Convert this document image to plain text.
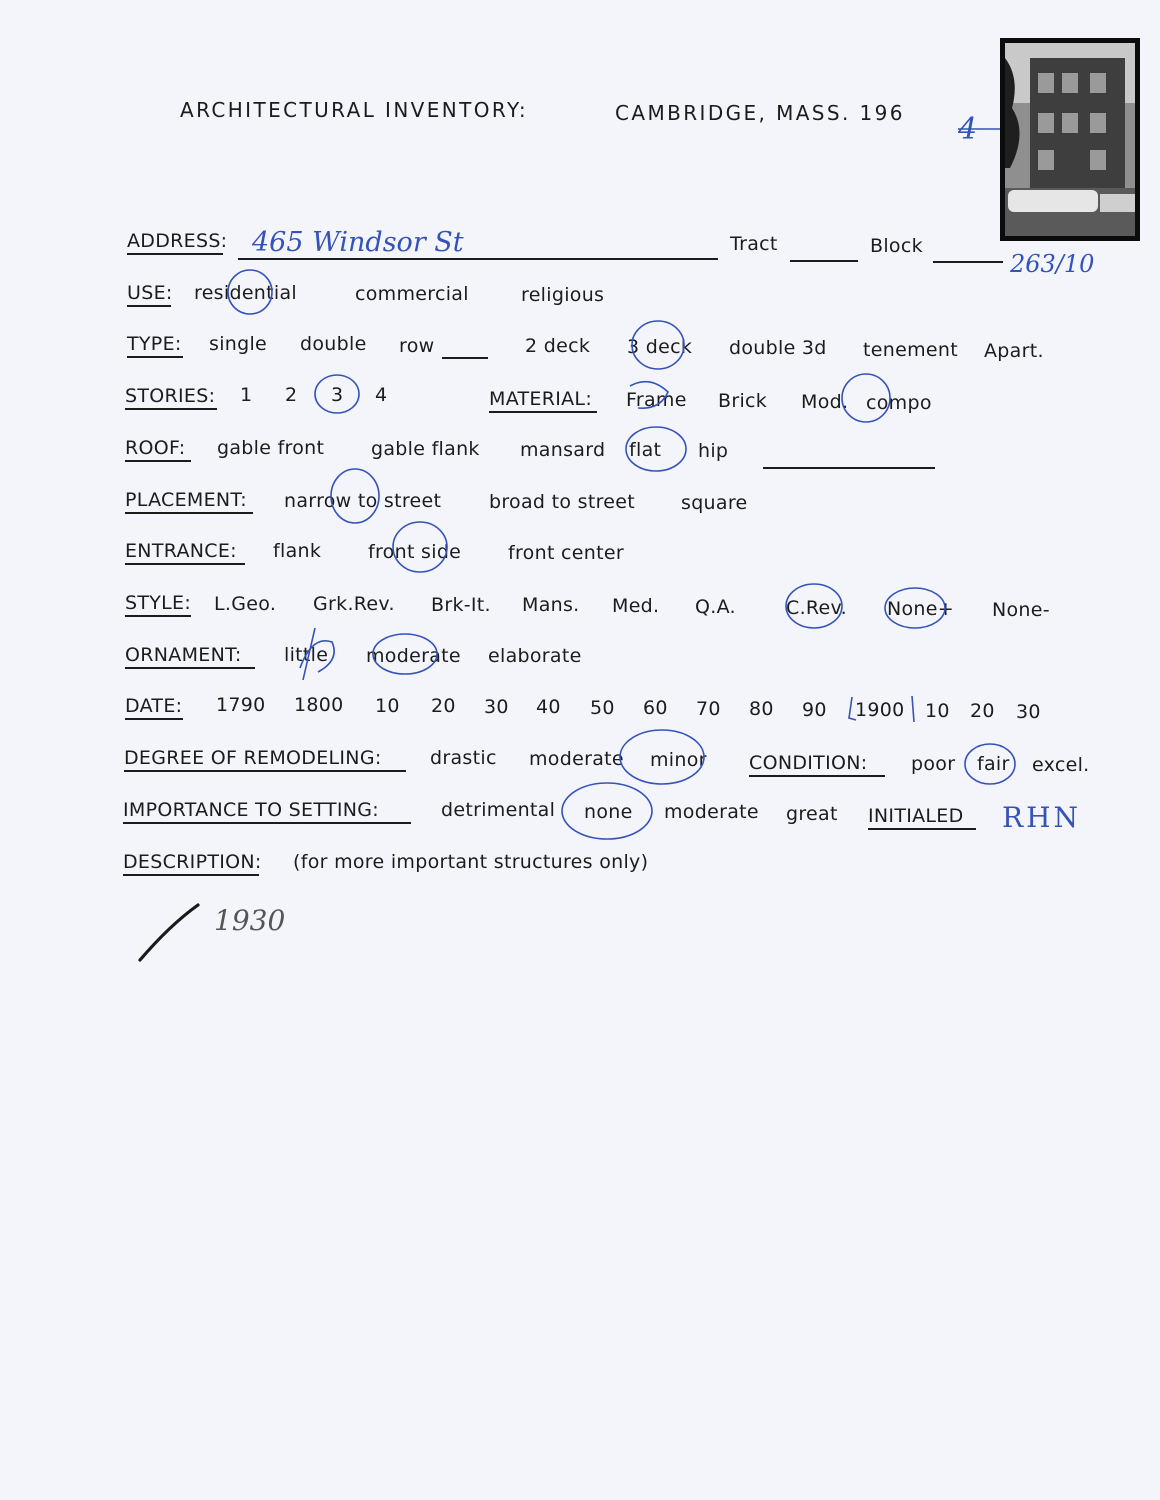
ARCHITECTURAL INVENTORY:	CAMBRIDGE, MASS. 196 4
ADDRESS: 465 Windsor St	Tract	Block
263/10
USE: residential	commercial	religious
TYPE: single double row	2 deck 3 deck double 3d tenement Apart.
STORIES: 1 2 3 4	MATERIAL: Frame Brick Mod. compo
ROOF: gable front gable flank mansard flat hip
PLACEMENT: narrow to street	broad to street square
ENTRANCE: flank front side front center
STYLE: L.Geo. Grk.Rev. Brk-It. Mans. Med. Q.A.	C.Rev. None+ None-
ORNAMENT: little moderate elaborate
DATE: 1790 1800 10 20 30 40 50 60 70 80 90 1900 10 20 30
DEGREE OF REMODELING:	drastic moderate minor CONDITION: poor fair excel.
IMPORTANCE TO SETTING:	detrimental none moderate great INITIALED RHN
DESCRIPTION: (for more important structures only)
1930
